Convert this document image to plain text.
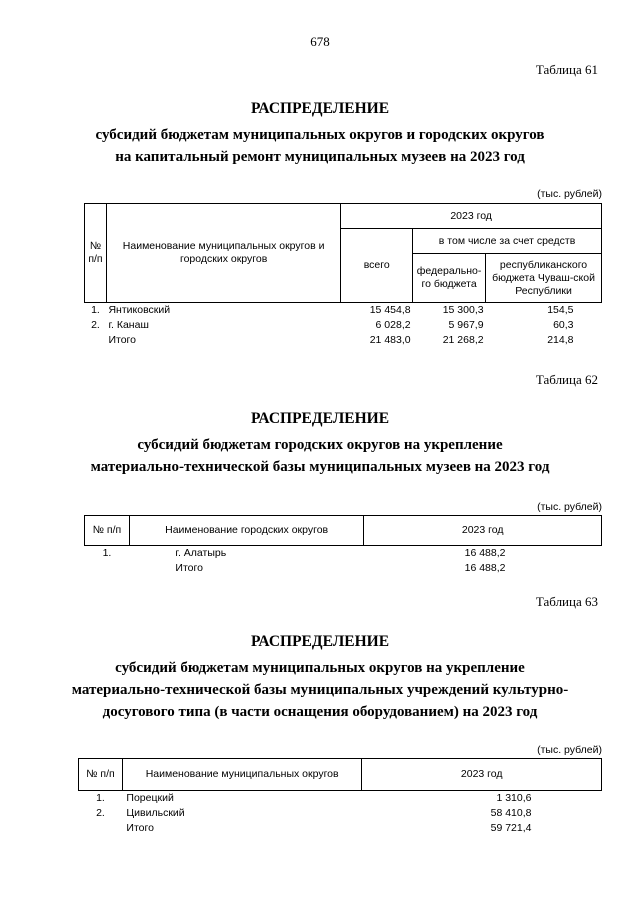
678
Таблица 61
РАСПРЕДЕЛЕНИЕ
субсидий бюджетам муниципальных округов и городских округов
на капитальный ремонт муниципальных музеев на 2023 год
(тыс. рублей)
№ п/п	Наименование муниципальных округов и городских округов	2023 год		
		всего	в том числе за счет средств	
			федерально-го бюджета	республиканского бюджета Чуваш-ской Республики
1.	Янтиковский	15 454,8	15 300,3	154,5
2.	г. Канаш	6 028,2	5 967,9	60,3
	Итого	21 483,0	21 268,2	214,8
Таблица 62
РАСПРЕДЕЛЕНИЕ
субсидий бюджетам городских округов на укрепление
материально-технической базы муниципальных музеев на 2023 год
(тыс. рублей)
№ п/п	Наименование городских округов	2023 год
1.	г. Алатырь	16 488,2
	Итого	16 488,2
Таблица 63
РАСПРЕДЕЛЕНИЕ
субсидий бюджетам муниципальных округов на укрепление
материально-технической базы муниципальных учреждений культурно-
досугового типа (в части оснащения оборудованием) на 2023 год
(тыс. рублей)
№ п/п	Наименование муниципальных округов	2023 год
1.	Порецкий	1 310,6
2.	Цивильский	58 410,8
	Итого	59 721,4
